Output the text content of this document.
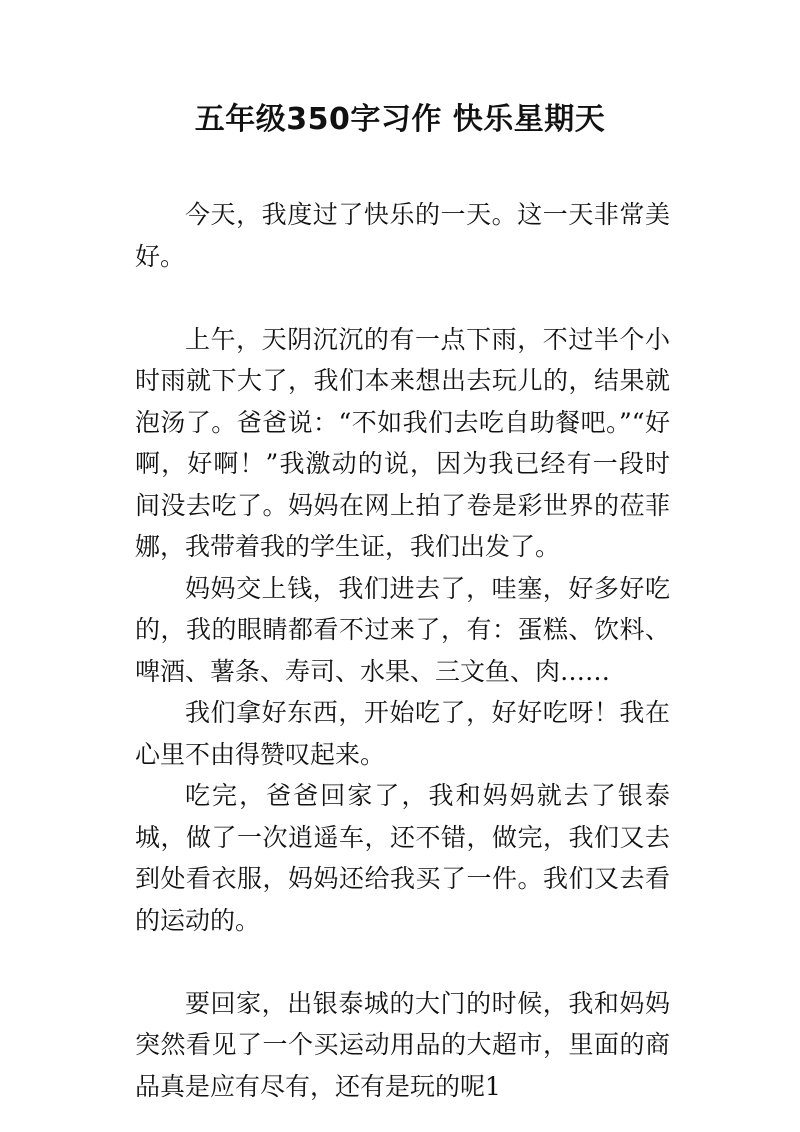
五年级350字习作 快乐星期天

今天，我度过了快乐的一天。这一天非常美好。

上午，天阴沉沉的有一点下雨，不过半个小时雨就下大了，我们本来想出去玩儿的，结果就泡汤了。爸爸说：“不如我们去吃自助餐吧。”“好啊，好啊！”我激动的说，因为我已经有一段时间没去吃了。妈妈在网上拍了卷是彩世界的莅菲娜，我带着我的学生证，我们出发了。

妈妈交上钱，我们进去了，哇塞，好多好吃的，我的眼睛都看不过来了，有：蛋糕、饮料、啤酒、薯条、寿司、水果、三文鱼、肉……

我们拿好东西，开始吃了，好好吃呀！我在心里不由得赞叹起来。

吃完，爸爸回家了，我和妈妈就去了银泰城，做了一次逍遥车，还不错，做完，我们又去到处看衣服，妈妈还给我买了一件。我们又去看的运动的。

要回家，出银泰城的大门的时候，我和妈妈突然看见了一个买运动用品的大超市，里面的商品真是应有尽有，还有是玩的呢1
